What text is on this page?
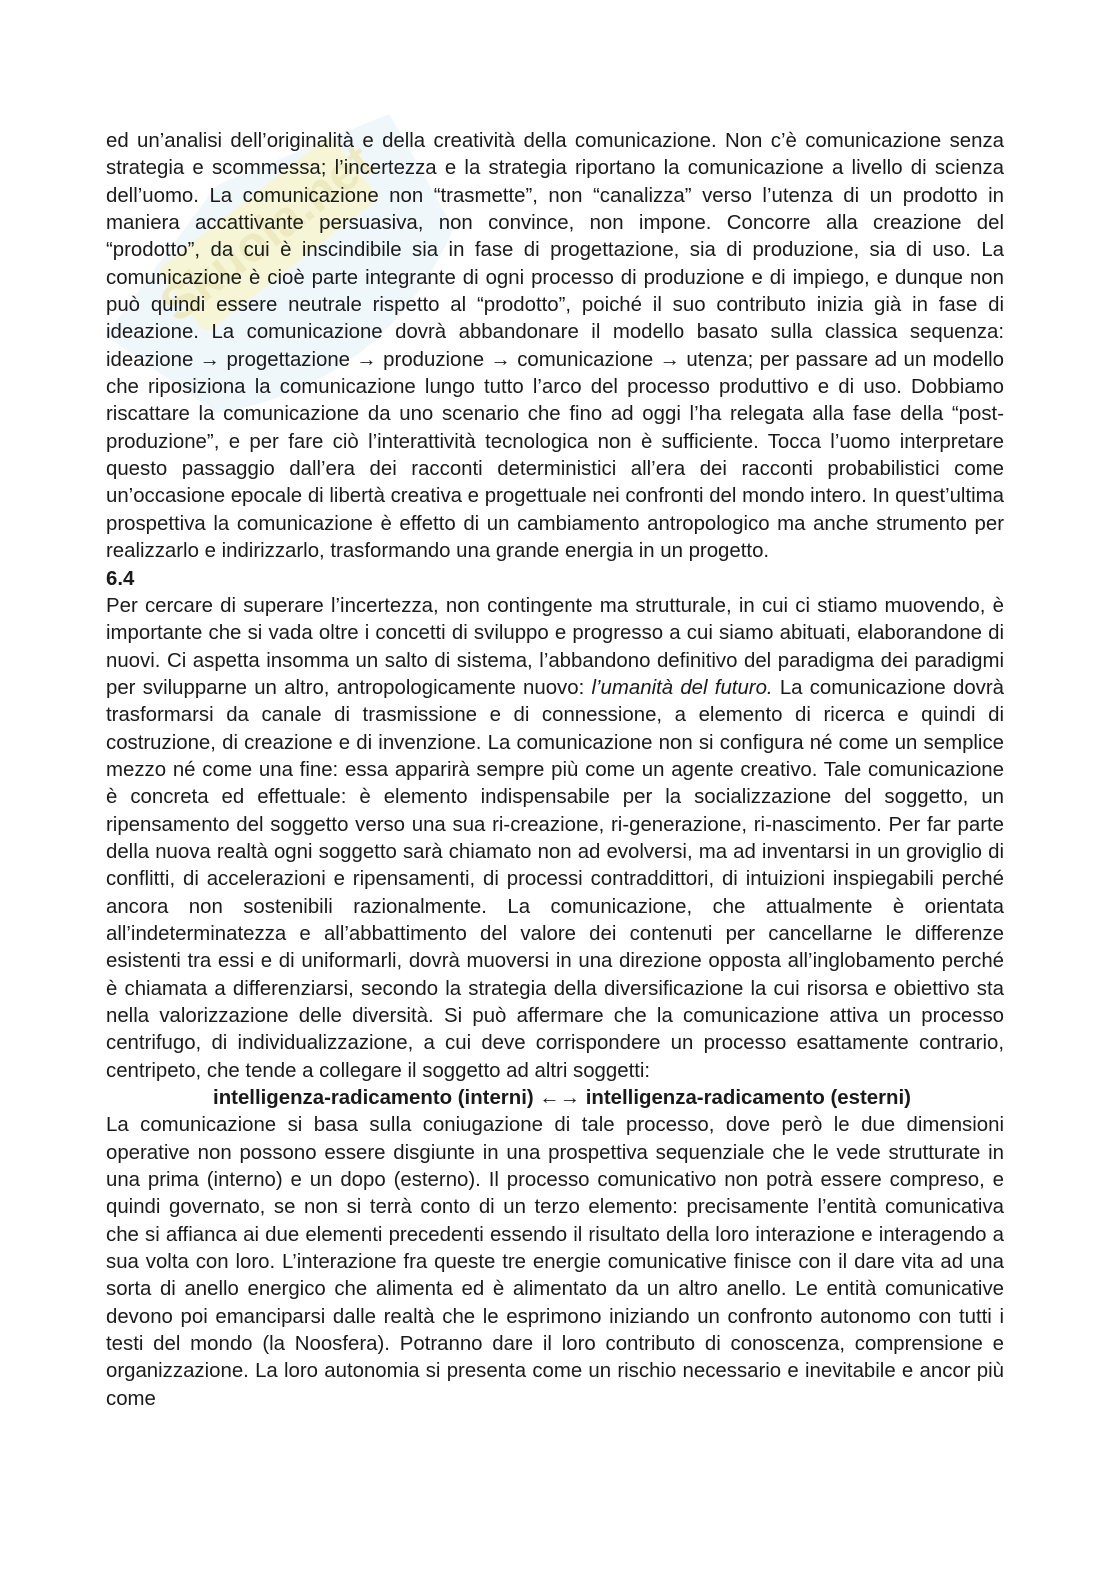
Skuola.net

ed un’analisi dell’originalità e della creatività della comunicazione. Non c’è comunicazione senza strategia e scommessa; l’incertezza e la strategia riportano la comunicazione a livello di scienza dell’uomo. La comunicazione non “trasmette”, non “canalizza” verso l’utenza di un prodotto in maniera accattivante persuasiva, non convince, non impone. Concorre alla creazione del “prodotto”, da cui è inscindibile sia in fase di progettazione, sia di produzione, sia di uso. La comunicazione è cioè parte integrante di ogni processo di produzione e di impiego, e dunque non può quindi essere neutrale rispetto al “prodotto”, poiché il suo contributo inizia già in fase di ideazione. La comunicazione dovrà abbandonare il modello basato sulla classica sequenza: ideazione → progettazione → produzione → comunicazione → utenza; per passare ad un modello che riposiziona la comunicazione lungo tutto l’arco del processo produttivo e di uso. Dobbiamo riscattare la comunicazione da uno scenario che fino ad oggi l’ha relegata alla fase della “post-produzione”, e per fare ciò l’interattività tecnologica non è sufficiente. Tocca l’uomo interpretare questo passaggio dall’era dei racconti deterministici all’era dei racconti probabilistici come un’occasione epocale di libertà creativa e progettuale nei confronti del mondo intero. In quest’ultima prospettiva la comunicazione è effetto di un cambiamento antropologico ma anche strumento per realizzarlo e indirizzarlo, trasformando una grande energia in un progetto.

6.4

Per cercare di superare l’incertezza, non contingente ma strutturale, in cui ci stiamo muovendo, è importante che si vada oltre i concetti di sviluppo e progresso a cui siamo abituati, elaborandone di nuovi. Ci aspetta insomma un salto di sistema, l’abbandono definitivo del paradigma dei paradigmi per svilupparne un altro, antropologicamente nuovo: l’umanità del futuro. La comunicazione dovrà trasformarsi da canale di trasmissione e di connessione, a elemento di ricerca e quindi di costruzione, di creazione e di invenzione. La comunicazione non si configura né come un semplice mezzo né come una fine: essa apparirà sempre più come un agente creativo. Tale comunicazione è concreta ed effettuale: è elemento indispensabile per la socializzazione del soggetto, un ripensamento del soggetto verso una sua ri-creazione, ri-generazione, ri-nascimento. Per far parte della nuova realtà ogni soggetto sarà chiamato non ad evolversi, ma ad inventarsi in un groviglio di conflitti, di accelerazioni e ripensamenti, di processi contraddittori, di intuizioni inspiegabili perché ancora non sostenibili razionalmente. La comunicazione, che attualmente è orientata all’indeterminatezza e all’abbattimento del valore dei contenuti per cancellarne le differenze esistenti tra essi e di uniformarli, dovrà muoversi in una direzione opposta all’inglobamento perché è chiamata a differenziarsi, secondo la strategia della diversificazione la cui risorsa e obiettivo sta nella valorizzazione delle diversità. Si può affermare che la comunicazione attiva un processo centrifugo, di individualizzazione, a cui deve corrispondere un processo esattamente contrario, centripeto, che tende a collegare il soggetto ad altri soggetti:

intelligenza-radicamento (interni) ←→ intelligenza-radicamento (esterni)

La comunicazione si basa sulla coniugazione di tale processo, dove però le due dimensioni operative non possono essere disgiunte in una prospettiva sequenziale che le vede strutturate in una prima (interno) e un dopo (esterno). Il processo comunicativo non potrà essere compreso, e quindi governato, se non si terrà conto di un terzo elemento: precisamente l’entità comunicativa che si affianca ai due elementi precedenti essendo il risultato della loro interazione e interagendo a sua volta con loro. L’interazione fra queste tre energie comunicative finisce con il dare vita ad una sorta di anello energico che alimenta ed è alimentato da un altro anello. Le entità comunicative devono poi emanciparsi dalle realtà che le esprimono iniziando un confronto autonomo con tutti i testi del mondo (la Noosfera). Potranno dare il loro contributo di conoscenza, comprensione e organizzazione. La loro autonomia si presenta come un rischio necessario e inevitabile e ancor più come
